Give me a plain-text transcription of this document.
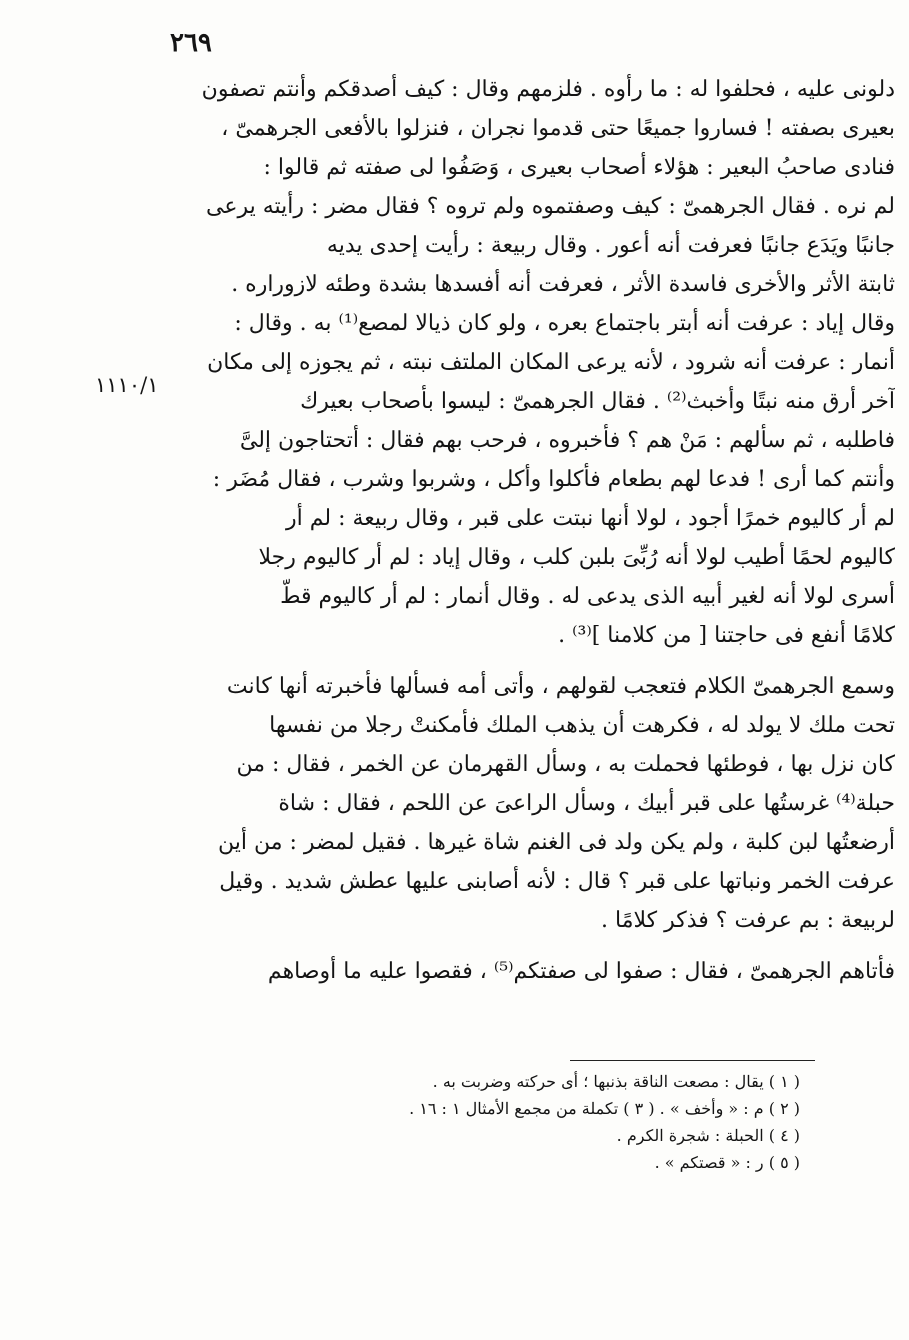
٢٦٩
١١١٠/١
دلونى عليه ، فحلفوا له : ما رأوه . فلزمهم وقال : كيف أصدقكم وأنتم تصفون
بعيرى بصفته ! فساروا جميعًا حتى قدموا نجران ، فنزلوا بالأفعى الجرهمىّ ،
فنادى صاحبُ البعير : هؤلاء أصحاب بعيرى ، وَصَفُوا لى صفته ثم قالوا :
لم نره . فقال الجرهمىّ : كيف وصفتموه ولم تروه ؟ فقال مضر : رأيته يرعى
جانبًا ويَدَع جانبًا فعرفت أنه أعور . وقال ربيعة : رأيت إحدى يديه
ثابتة الأثر والأخرى فاسدة الأثر ، فعرفت أنه أفسدها بشدة وطئه لازوراره .
وقال إياد : عرفت أنه أبتر باجتماع بعره ، ولو كان ذيالا لمصع⁽¹⁾ به . وقال :
أنمار : عرفت أنه شرود ، لأنه يرعى المكان الملتف نبته ، ثم يجوزه إلى مكان
آخر أرق منه نبتًا وأخبث⁽²⁾ . فقال الجرهمىّ : ليسوا بأصحاب بعيرك
فاطلبه ، ثم سألهم : مَنْ هم ؟ فأخبروه ، فرحب بهم فقال : أتحتاجون إلىَّ
وأنتم كما أرى ! فدعا لهم بطعام فأكلوا وأكل ، وشربوا وشرب ، فقال مُضَر :
لم أر كاليوم خمرًا أجود ، لولا أنها نبتت على قبر ، وقال ربيعة : لم أر
كاليوم لحمًا أطيب لولا أنه رُبِّىَ بلبن كلب ، وقال إياد : لم أر كاليوم رجلا
أسرى لولا أنه لغير أبيه الذى يدعى له . وقال أنمار : لم أر كاليوم قطّ
كلامًا أنفع فى حاجتنا [ من كلامنا ]⁽³⁾ .
وسمع الجرهمىّ الكلام فتعجب لقولهم ، وأتى أمه فسألها فأخبرته أنها كانت
تحت ملك لا يولد له ، فكرهت أن يذهب الملك فأمكنتْ رجلا من نفسها
كان نزل بها ، فوطئها فحملت به ، وسأل القهرمان عن الخمر ، فقال : من
حبلة⁽⁴⁾ غرستُها على قبر أبيك ، وسأل الراعىَ عن اللحم ، فقال : شاة
أرضعتُها لبن كلبة ، ولم يكن ولد فى الغنم شاة غيرها . فقيل لمضر : من أين
عرفت الخمر ونباتها على قبر ؟ قال : لأنه أصابنى عليها عطش شديد . وقيل
لربيعة : بم عرفت ؟ فذكر كلامًا .
فأتاهم الجرهمىّ ، فقال : صفوا لى صفتكم⁽⁵⁾ ، فقصوا عليه ما أوصاهم
( ١ ) يقال : مصعت الناقة بذنبها ؛ أى حركته وضربت به .
( ٢ ) م : « وأخف » . ( ٣ ) تكملة من مجمع الأمثال ١ : ١٦ .
( ٤ ) الحبلة : شجرة الكرم .
( ٥ ) ر : « قصتكم » .
